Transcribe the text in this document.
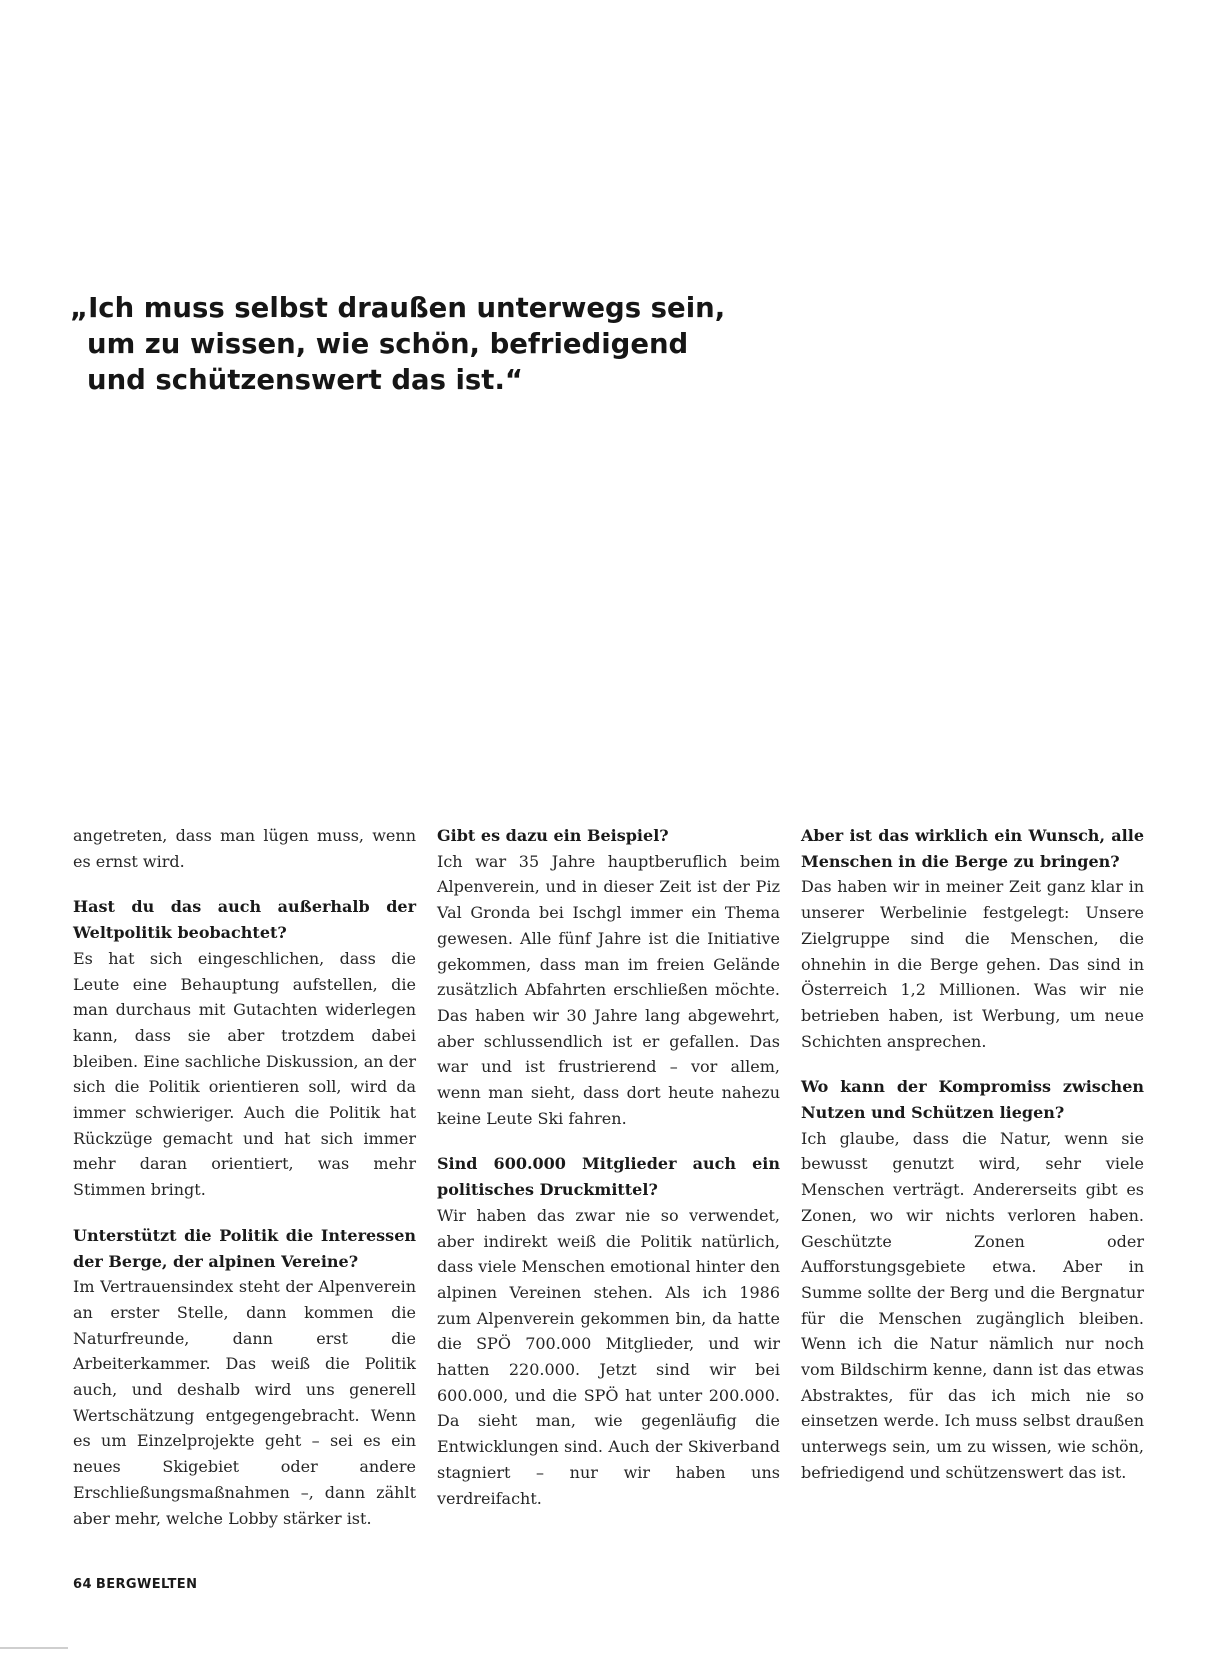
„Ich muss selbst draußen unterwegs sein,
um zu wissen, wie schön, befriedigend
und schützenswert das ist.“

angetreten, dass man lügen muss, wenn es ernst wird.

Hast du das auch außerhalb der Weltpolitik beobachtet?

Es hat sich eingeschlichen, dass die Leute eine Behauptung aufstellen, die man durchaus mit Gutachten widerlegen kann, dass sie aber trotzdem dabei bleiben. Eine sachliche Diskussion, an der sich die Politik orientieren soll, wird da immer schwieriger. Auch die Politik hat Rückzüge gemacht und hat sich immer mehr daran orientiert, was mehr Stimmen bringt.

Unterstützt die Politik die Interessen der Berge, der alpinen Vereine?

Im Vertrauensindex steht der Alpenverein an erster Stelle, dann kommen die Naturfreunde, dann erst die Arbeiterkammer. Das weiß die Politik auch, und deshalb wird uns generell Wertschätzung entgegengebracht. Wenn es um Einzelprojekte geht – sei es ein neues Skigebiet oder andere Erschließungsmaßnahmen –, dann zählt aber mehr, welche Lobby stärker ist.

Gibt es dazu ein Beispiel?

Ich war 35 Jahre hauptberuflich beim Alpenverein, und in dieser Zeit ist der Piz Val Gronda bei Ischgl immer ein Thema gewesen. Alle fünf Jahre ist die Initiative gekommen, dass man im freien Gelände zusätzlich Abfahrten erschließen möchte. Das haben wir 30 Jahre lang abgewehrt, aber schlussendlich ist er gefallen. Das war und ist frustrierend – vor allem, wenn man sieht, dass dort heute nahezu keine Leute Ski fahren.

Sind 600.000 Mitglieder auch ein politisches Druckmittel?

Wir haben das zwar nie so verwendet, aber indirekt weiß die Politik natürlich, dass viele Menschen emotional hinter den alpinen Vereinen stehen. Als ich 1986 zum Alpenverein gekommen bin, da hatte die SPÖ 700.000 Mitglieder, und wir hatten 220.000. Jetzt sind wir bei 600.000, und die SPÖ hat unter 200.000. Da sieht man, wie gegenläufig die Entwicklungen sind. Auch der Skiverband stagniert – nur wir haben uns verdreifacht.

Aber ist das wirklich ein Wunsch, alle Menschen in die Berge zu bringen?

Das haben wir in meiner Zeit ganz klar in unserer Werbelinie festgelegt: Unsere Zielgruppe sind die Menschen, die ohnehin in die Berge gehen. Das sind in Österreich 1,2 Millionen. Was wir nie betrieben haben, ist Werbung, um neue Schichten ansprechen.

Wo kann der Kompromiss zwischen Nutzen und Schützen liegen?

Ich glaube, dass die Natur, wenn sie bewusst genutzt wird, sehr viele Menschen verträgt. Andererseits gibt es Zonen, wo wir nichts verloren haben. Geschützte Zonen oder Aufforstungsgebiete etwa. Aber in Summe sollte der Berg und die Bergnatur für die Menschen zugänglich bleiben. Wenn ich die Natur nämlich nur noch vom Bildschirm kenne, dann ist das etwas Abstraktes, für das ich mich nie so einsetzen werde. Ich muss selbst draußen unterwegs sein, um zu wissen, wie schön, befriedigend und schützenswert das ist.

64 BERGWELTEN
